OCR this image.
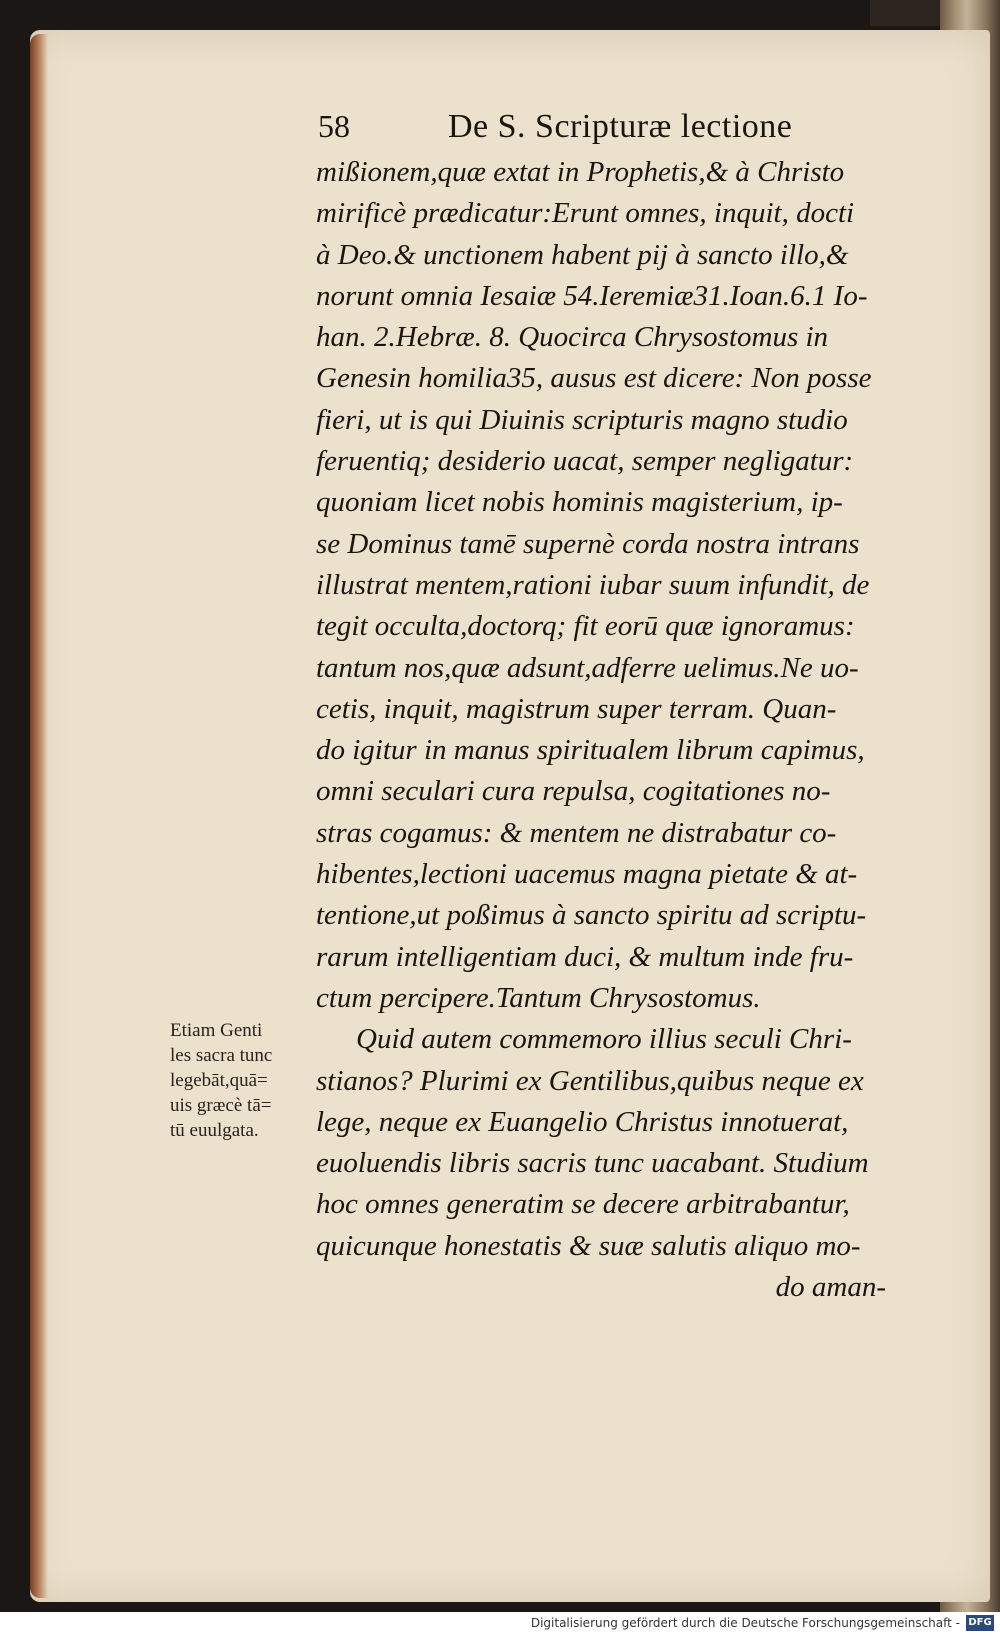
58	De S. Scripturæ lectione
mißionem,quæ extat in Prophetis,& à Christo
mirificè prædicatur:Erunt omnes, inquit, docti
à Deo.& unctionem habent pij à sancto illo,&
norunt omnia Iesaiæ 54.Ieremiæ31.Ioan.6.1 Io-
han. 2.Hebræ. 8. Quocirca Chrysostomus in
Genesin homilia35, ausus est dicere: Non posse
fieri, ut is qui Diuinis scripturis magno studio
feruentiq; desiderio uacat, semper negligatur:
quoniam licet nobis hominis magisterium, ip-
se Dominus tamē supernè corda nostra intrans
illustrat mentem,rationi iubar suum infundit, de
tegit occulta,doctorq; fit eorū quæ ignoramus:
tantum nos,quæ adsunt,adferre uelimus.Ne uo-
cetis, inquit, magistrum super terram. Quan-
do igitur in manus spiritualem librum capimus,
omni seculari cura repulsa, cogitationes no-
stras cogamus: & mentem ne distrabatur co-
hibentes,lectioni uacemus magna pietate & at-
tentione,ut poßimus à sancto spiritu ad scriptu-
rarum intelligentiam duci, & multum inde fru-
ctum percipere.Tantum Chrysostomus.
Quid autem commemoro illius seculi Chri-
stianos? Plurimi ex Gentilibus,quibus neque ex
lege, neque ex Euangelio Christus innotuerat,
euoluendis libris sacris tunc uacabant. Studium
hoc omnes generatim se decere arbitrabantur,
quicunque honestatis & suæ salutis aliquo mo-
do aman-
Etiam Genti
les sacra tunc
legebāt,quā=
uis græcè tā=
tū euulgata.
Digitalisierung gefördert durch die Deutsche Forschungsgemeinschaft - DFG
